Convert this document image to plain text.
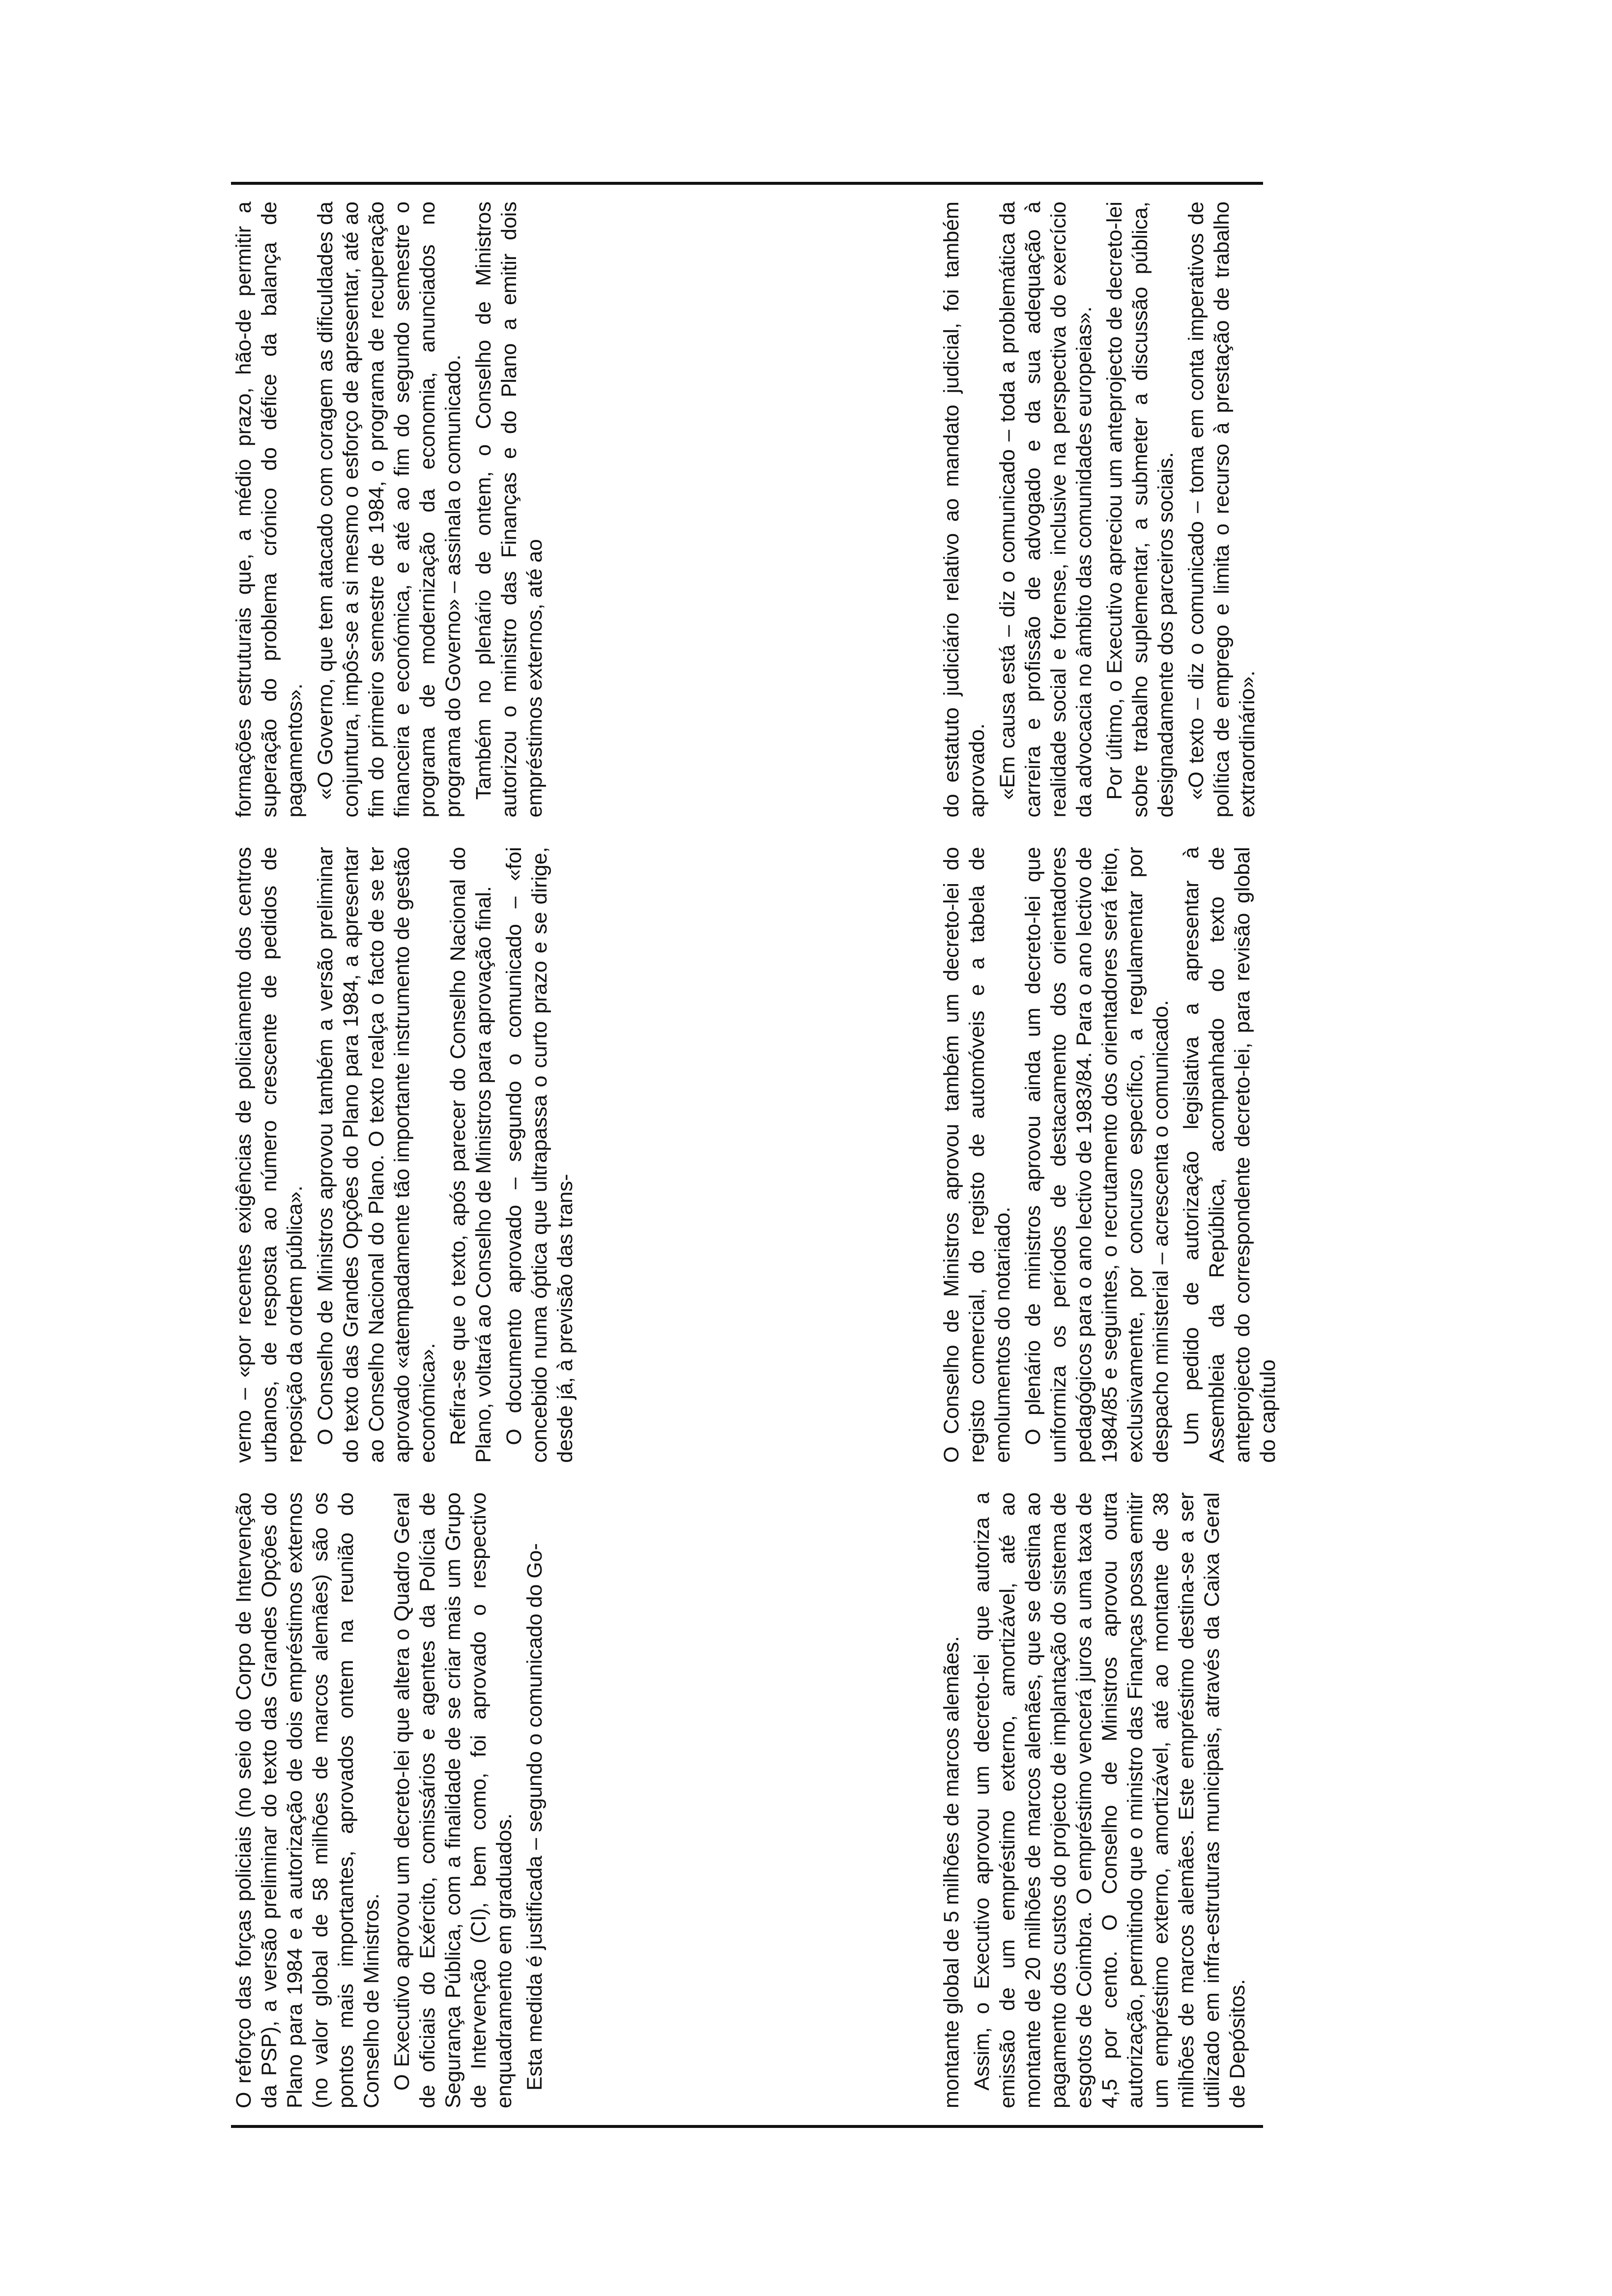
O reforço das forças policiais (no seio do Corpo de Intervenção da PSP), a versão preliminar do texto das Grandes Opções do Plano para 1984 e a autorização de dois empréstimos externos (no valor global de 58 milhões de marcos alemães) são os pontos mais importantes, aprovados ontem na reunião do Conselho de Ministros. O Executivo aprovou um decreto-lei que altera o Quadro Geral de oficiais do Exército, comissários e agentes da Polícia de Segurança Pública, com a finalidade de se criar mais um Grupo de Intervenção (CI), bem como, foi aprovado o respectivo enquadramento em graduados. Esta medida é justificada – segundo o comunicado do Go-

verno – «por recentes exigências de policiamento dos centros urbanos, de resposta ao número crescente de pedidos de reposição da ordem pública». O Conselho de Ministros aprovou também a versão preliminar do texto das Grandes Opções do Plano para 1984, a apresentar ao Conselho Nacional do Plano. O texto realça o facto de se ter aprovado «atempadamente tão importante instrumento de gestão económica». Refira-se que o texto, após parecer do Conselho Nacional do Plano, voltará ao Conselho de Ministros para aprovação final. O documento aprovado – segundo o comunicado – «foi concebido numa óptica que ultrapassa o curto prazo e se dirige, desde já, à previsão das trans-

formações estruturais que, a médio prazo, hão-de permitir a superação do problema crónico do défice da balança de pagamentos». «O Governo, que tem atacado com coragem as dificuldades da conjuntura, impôs-se a si mesmo o esforço de apresentar, até ao fim do primeiro semestre de 1984, o programa de recuperação financeira e económica, e até ao fim do segundo semestre o programa de modernização da economia, anunciados no programa do Governo» – assinala o comunicado. Também no plenário de ontem, o Conselho de Ministros autorizou o ministro das Finanças e do Plano a emitir dois empréstimos externos, até ao

montante global de 5 milhões de marcos alemães. Assim, o Executivo aprovou um decreto-lei que autoriza a emissão de um empréstimo externo, amortizável, até ao montante de 20 milhões de marcos alemães, que se destina ao pagamento dos custos do projecto de implantação do sistema de esgotos de Coimbra. O empréstimo vencerá juros a uma taxa de 4,5 por cento. O Conselho de Ministros aprovou outra autorização, permitindo que o ministro das Finanças possa emitir um empréstimo externo, amortizável, até ao montante de 38 milhões de marcos alemães. Este empréstimo destina-se a ser utilizado em infra-estruturas municipais, através da Caixa Geral de Depósitos.

O Conselho de Ministros aprovou também um decreto-lei do registo comercial, do registo de automóveis e a tabela de emolumentos do notariado. O plenário de ministros aprovou ainda um decreto-lei que uniformiza os períodos de destacamento dos orientadores pedagógicos para o ano lectivo de 1983/84. Para o ano lectivo de 1984/85 e seguintes, o recrutamento dos orientadores será feito, exclusivamente, por concurso específico, a regulamentar por despacho ministerial – acrescenta o comunicado. Um pedido de autorização legislativa a apresentar à Assembleia da República, acompanhado do texto de anteprojecto do correspondente decreto-lei, para revisão global do capítulo

do estatuto judiciário relativo ao mandato judicial, foi também aprovado. «Em causa está – diz o comunicado – toda a problemática da carreira e profissão de advogado e da sua adequação à realidade social e forense, inclusive na perspectiva do exercício da advocacia no âmbito das comunidades europeias». Por último, o Executivo apreciou um anteprojecto de decreto-lei sobre trabalho suplementar, a submeter a discussão pública, designadamente dos parceiros sociais. «O texto – diz o comunicado – toma em conta imperativos de política de emprego e limita o recurso à prestação de trabalho extraordinário».
